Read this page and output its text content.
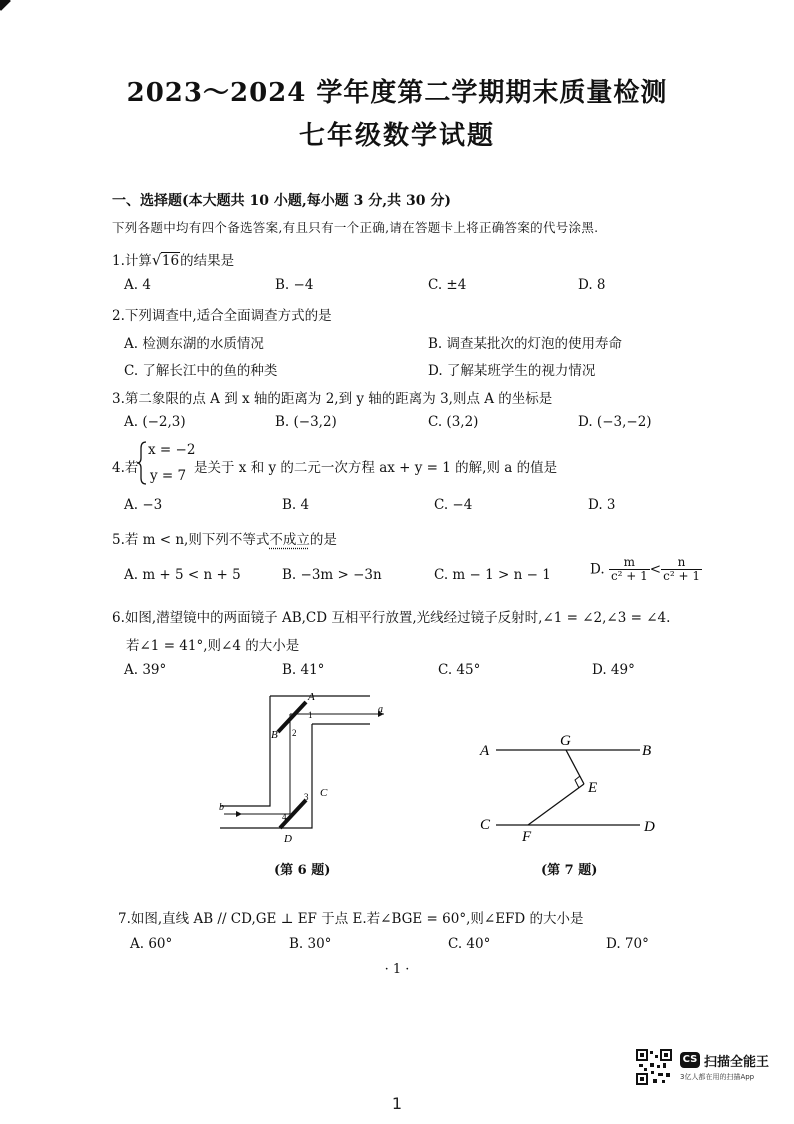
2023～2024 学年度第二学期期末质量检测
七年级数学试题
一、选择题(本大题共 10 小题,每小题 3 分,共 30 分)
下列各题中均有四个备选答案,有且只有一个正确,请在答题卡上将正确答案的代号涂黑.
1.计算 √ 16的结果是
A. 4	B. −4	C. ±4	D. 8
2.下列调查中,适合全面调查方式的是
A. 检测东湖的水质情况	B. 调查某批次的灯泡的使用寿命
C. 了解长江中的鱼的种类	D. 了解某班学生的视力情况
3.第二象限的点 A 到 x 轴的距离为 2,到 y 轴的距离为 3,则点 A 的坐标是
A. (−2,3)	B. (−3,2)	C. (3,2)	D. (−3,−2)
4.若
x = −2
y = 7 是关于 x 和 y 的二元一次方程 ax + y = 1 的解,则 a 的值是
A. −3	B. 4	C. −4	D. 3
5.若 m < n,则下列不等式不成立的是
A. m + 5 < n + 5	B. −3m > −3n	C. m − 1 > n − 1	D. $\frac{m}{\text{c² + 1}} < \frac{n}{\text{c² + 1}}$
6.如图,潜望镜中的两面镜子 AB,CD 互相平行放置,光线经过镜子反射时,∠1 = ∠2,∠3 = ∠4.
若∠1 = 41°,则∠4 的大小是
A. 39°	B. 41°	C. 45°	D. 49°
A
B
C
D
a
b
1
2
3
4
(第 6 题)
A	B
G
E
C	D
F
(第 7 题)
7.如图,直线 AB // CD,GE ⊥ EF 于点 E.若∠BGE = 60°,则∠EFD 的大小是
A. 60°	B. 30°	C. 40°	D. 70°
· 1 ·
CS 扫描全能王
3亿人都在用的扫描App
1
